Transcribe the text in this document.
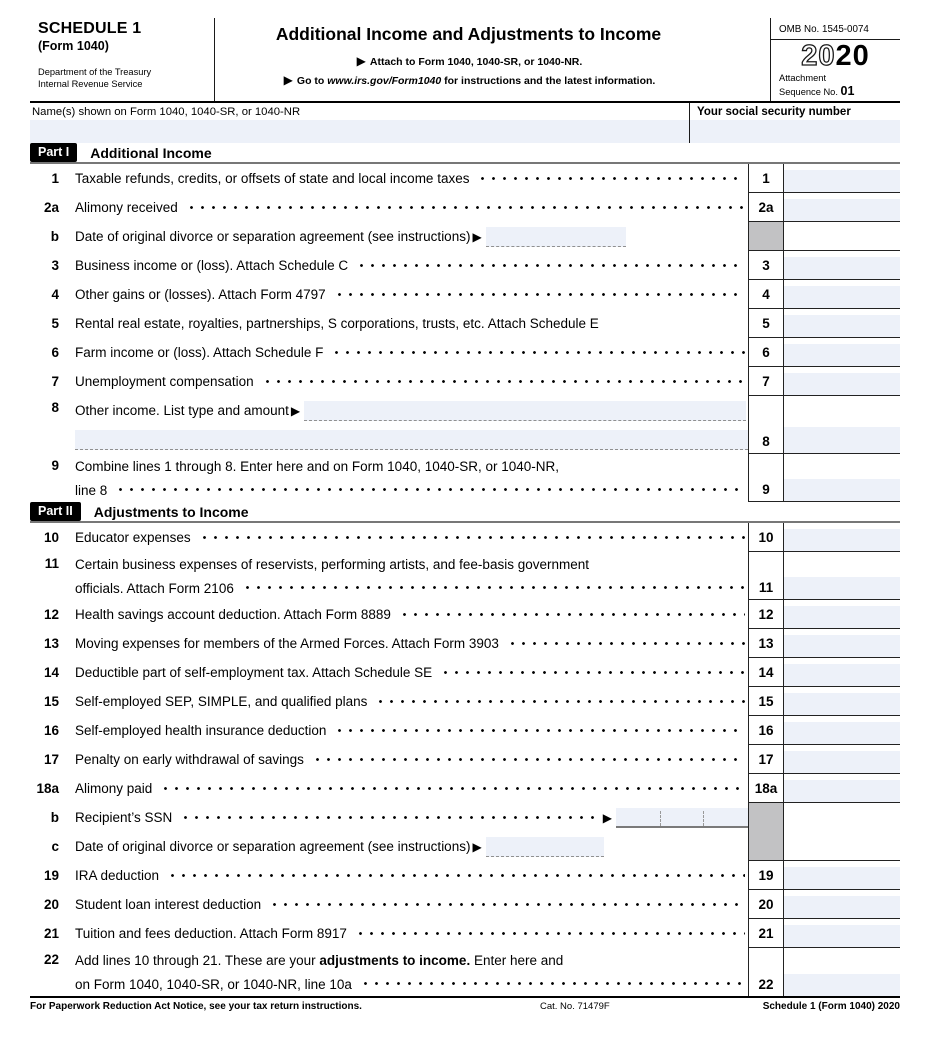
SCHEDULE 1
(Form 1040)
Department of the Treasury
Internal Revenue Service
Additional Income and Adjustments to Income
▶ Attach to Form 1040, 1040-SR, or 1040-NR.
▶ Go to www.irs.gov/Form1040 for instructions and the latest information.
OMB No. 1545-0074
2020
Attachment
Sequence No. 01
Name(s) shown on Form 1040, 1040-SR, or 1040-NR	Your social security number
Part I	Additional Income
1	Taxable refunds, credits, or offsets of state and local income taxes	1
2a	Alimony received	2a
b	Date of original divorce or separation agreement (see instructions) ▶
3	Business income or (loss). Attach Schedule C	3
4	Other gains or (losses). Attach Form 4797	4
5	Rental real estate, royalties, partnerships, S corporations, trusts, etc. Attach Schedule E	5
6	Farm income or (loss). Attach Schedule F	6
7	Unemployment compensation	7
8	Other income. List type and amount ▶
8
9	Combine lines 1 through 8. Enter here and on Form 1040, 1040-SR, or 1040-NR,
line 8	9
Part II	Adjustments to Income
10	Educator expenses	10
11	Certain business expenses of reservists, performing artists, and fee-basis government
officials. Attach Form 2106	11
12	Health savings account deduction. Attach Form 8889	12
13	Moving expenses for members of the Armed Forces. Attach Form 3903	13
14	Deductible part of self-employment tax. Attach Schedule SE	14
15	Self-employed SEP, SIMPLE, and qualified plans	15
16	Self-employed health insurance deduction	16
17	Penalty on early withdrawal of savings	17
18a	Alimony paid	18a
b	Recipient’s SSN	▶
c	Date of original divorce or separation agreement (see instructions) ▶
19	IRA deduction	19
20	Student loan interest deduction	20
21	Tuition and fees deduction. Attach Form 8917	21
22	Add lines 10 through 21. These are your adjustments to income. Enter here and
on Form 1040, 1040-SR, or 1040-NR, line 10a	22
For Paperwork Reduction Act Notice, see your tax return instructions.	Cat. No. 71479F	Schedule 1 (Form 1040) 2020
